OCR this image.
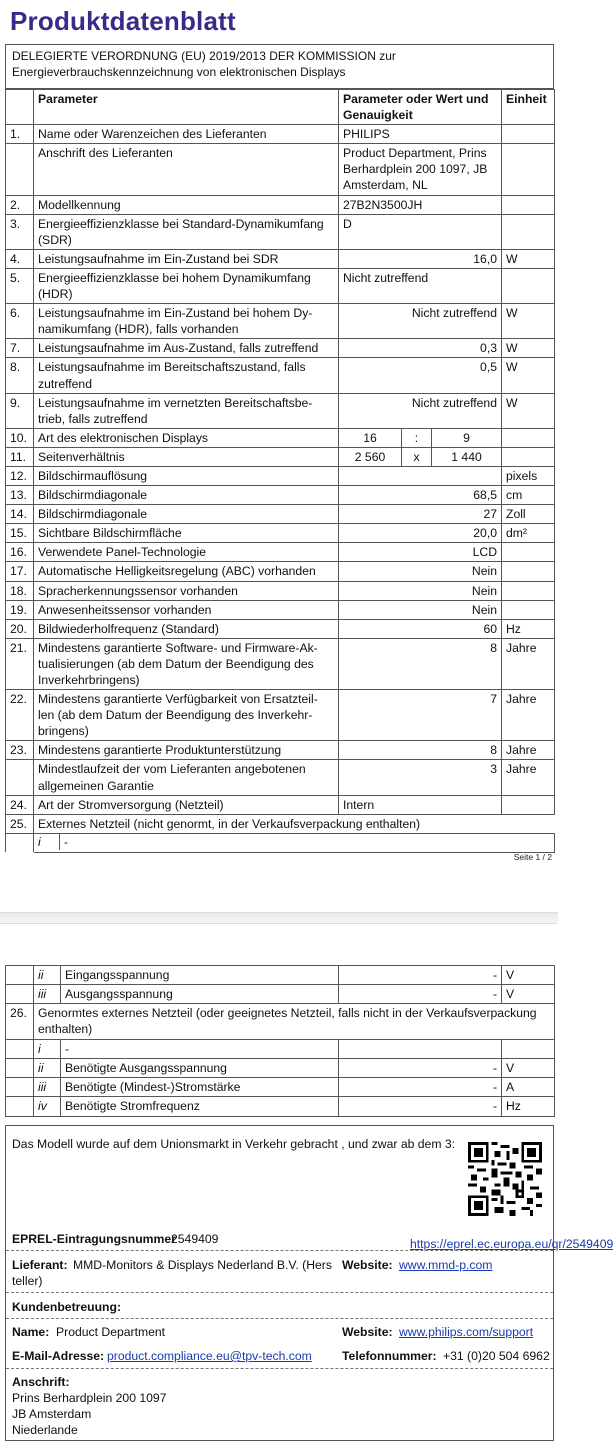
Produktdatenblatt
DELEGIERTE VERORDNUNG (EU) 2019/2013 DER KOMMISSION zur Energieverbrauchskennzeichnung von elektronischen Displays
	Parameter	Parameter oder Wert und Genauigkeit			Einheit
1.	Name oder Warenzeichen des Lieferanten	PHILIPS			
	Anschrift des Lieferanten	Product Department, Prins Berhardplein 200 1097, JB Amsterdam, NL			
2.	Modellkennung	27B2N3500JH			
3.	Energieeffizienzklasse bei Standard-Dynamikumfang (SDR)	D			
4.	Leistungsaufnahme im Ein-Zustand bei SDR	16,0			W
5.	Energieeffizienzklasse bei hohem Dynamikumfang (HDR)	Nicht zutreffend			
6.	Leistungsaufnahme im Ein-Zustand bei hohem Dy-namikumfang (HDR), falls vorhanden	Nicht zutreffend			W
7.	Leistungsaufnahme im Aus-Zustand, falls zutreffend	0,3			W
8.	Leistungsaufnahme im Bereitschaftszustand, falls zutreffend	0,5			W
9.	Leistungsaufnahme im vernetzten Bereitschaftsbe-trieb, falls zutreffend	Nicht zutreffend			W
10.	Art des elektronischen Displays	16	:	9	
11.	Seitenverhältnis	2 560	x	1 440	
12.	Bildschirmauflösung				pixels
13.	Bildschirmdiagonale	68,5			cm
14.	Bildschirmdiagonale	27			Zoll
15.	Sichtbare Bildschirmfläche	20,0			dm²
16.	Verwendete Panel-Technologie	LCD			
17.	Automatische Helligkeitsregelung (ABC) vorhanden	Nein			
18.	Spracherkennungssensor vorhanden	Nein			
19.	Anwesenheitssensor vorhanden	Nein			
20.	Bildwiederholfrequenz (Standard)	60			Hz
21.	Mindestens garantierte Software- und Firmware-Ak-tualisierungen (ab dem Datum der Beendigung des Inverkehrbringens)	8			Jahre
22.	Mindestens garantierte Verfügbarkeit von Ersatzteil-len (ab dem Datum der Beendigung des Inverkehr-bringens)	7			Jahre
23.	Mindestens garantierte Produktunterstützung	8			Jahre
	Mindestlaufzeit der vom Lieferanten angebotenen allgemeinen Garantie	3			Jahre
24.	Art der Stromversorgung (Netzteil)	Intern			
25.	Externes Netzteil (nicht genormt, in der Verkaufsverpackung enthalten)				
	i -				
Seite 1 / 2
	ii	Eingangsspannung	-	V
	iii	Ausgangsspannung	-	V
26.	Genormtes externes Netzteil (oder geeignetes Netzteil, falls nicht in der Verkaufsverpackung enthalten)			
	i	-		
	ii	Benötigte Ausgangsspannung	-	V
	iii	Benötigte (Mindest-)Stromstärke	-	A
	iv	Benötigte Stromfrequenz	-	Hz
Das Modell wurde auf dem Unionsmarkt in Verkehr gebracht , und zwar ab dem 3:
EPREL-Eintragungsnummer
2549409	https://eprel.ec.europa.eu/qr/2549409
Lieferant: MMD-Monitors & Displays Nederland B.V. (Hers
teller)
Website: www.mmd-p.com
Kundenbetreuung:
Name: Product Department	Website: www.philips.com/support
E-Mail-Adresse: product.compliance.eu@tpv-tech.com Telefonnummer: +31 (0)20 504 6962
Anschrift:
Prins Berhardplein 200 1097
JB Amsterdam
Niederlande
